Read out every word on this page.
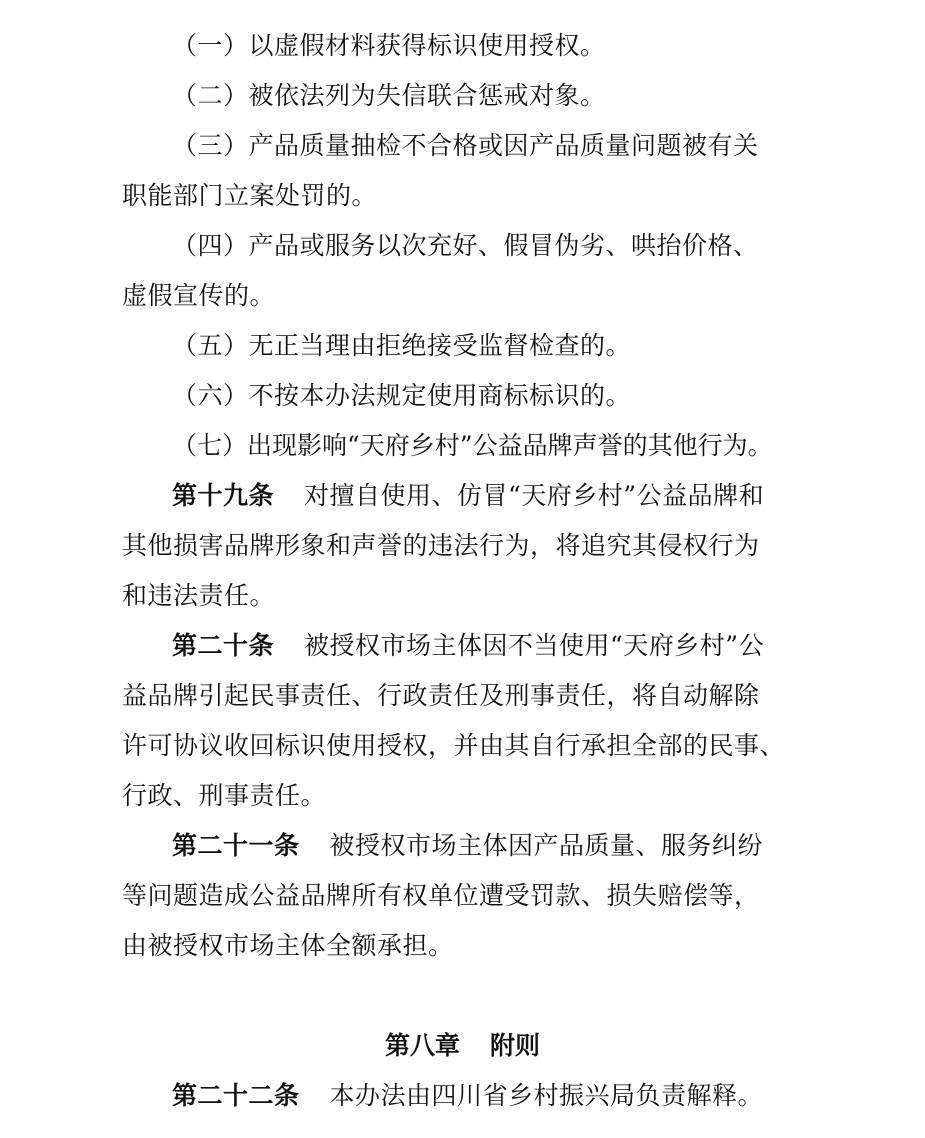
（一）以虚假材料获得标识使用授权。
（二）被依法列为失信联合惩戒对象。
（三）产品质量抽检不合格或因产品质量问题被有关
职能部门立案处罚的。
（四）产品或服务以次充好、假冒伪劣、哄抬价格、
虚假宣传的。
（五）无正当理由拒绝接受监督检查的。
（六）不按本办法规定使用商标标识的。
（七）出现影响“天府乡村”公益品牌声誉的其他行为。
第十九条 对擅自使用、仿冒“天府乡村”公益品牌和
其他损害品牌形象和声誉的违法行为，将追究其侵权行为
和违法责任。
第二十条 被授权市场主体因不当使用“天府乡村”公
益品牌引起民事责任、行政责任及刑事责任，将自动解除
许可协议收回标识使用授权，并由其自行承担全部的民事、
行政、刑事责任。
第二十一条 被授权市场主体因产品质量、服务纠纷
等问题造成公益品牌所有权单位遭受罚款、损失赔偿等，
由被授权市场主体全额承担。
第八章 附则
第二十二条 本办法由四川省乡村振兴局负责解释。
